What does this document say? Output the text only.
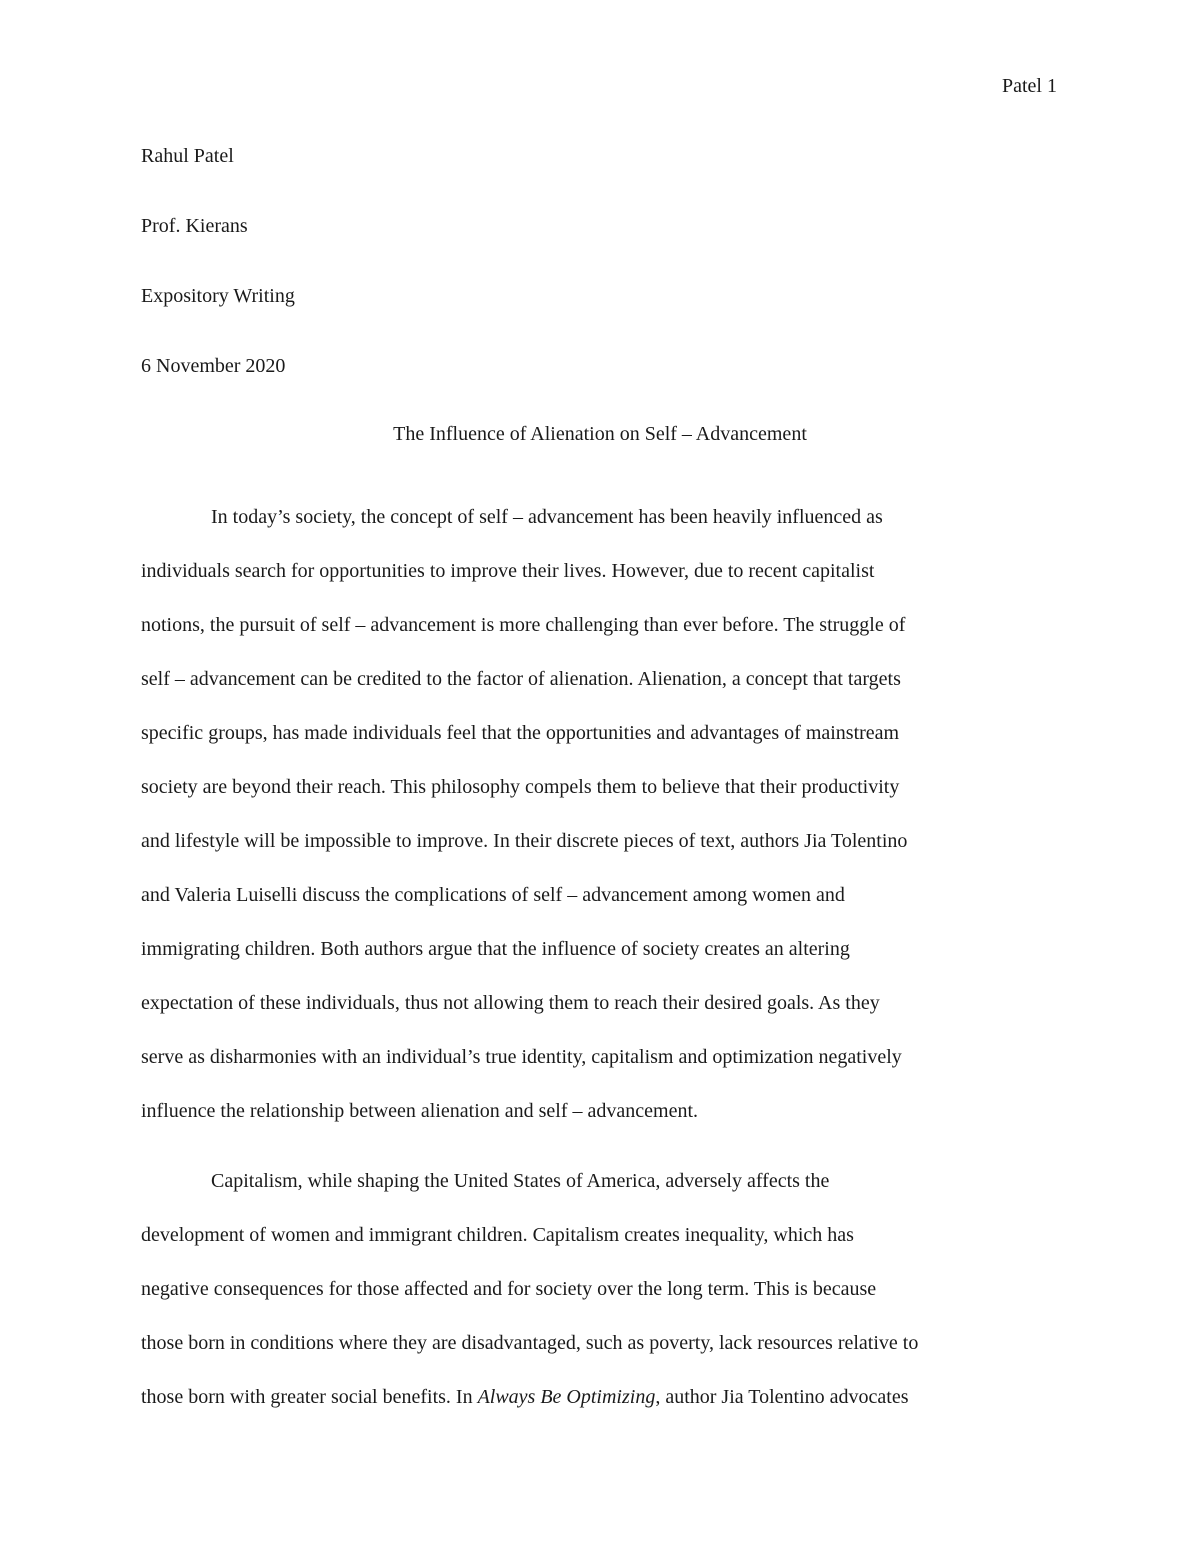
Patel 1
Rahul Patel
Prof. Kierans
Expository Writing
6 November 2020
The Influence of Alienation on Self – Advancement

In today’s society, the concept of self – advancement has been heavily influenced as
individuals search for opportunities to improve their lives. However, due to recent capitalist
notions, the pursuit of self – advancement is more challenging than ever before. The struggle of
self – advancement can be credited to the factor of alienation. Alienation, a concept that targets
specific groups, has made individuals feel that the opportunities and advantages of mainstream
society are beyond their reach. This philosophy compels them to believe that their productivity
and lifestyle will be impossible to improve. In their discrete pieces of text, authors Jia Tolentino
and Valeria Luiselli discuss the complications of self – advancement among women and
immigrating children. Both authors argue that the influence of society creates an altering
expectation of these individuals, thus not allowing them to reach their desired goals. As they
serve as disharmonies with an individual’s true identity, capitalism and optimization negatively
influence the relationship between alienation and self – advancement.

Capitalism, while shaping the United States of America, adversely affects the
development of women and immigrant children. Capitalism creates inequality, which has
negative consequences for those affected and for society over the long term. This is because
those born in conditions where they are disadvantaged, such as poverty, lack resources relative to
those born with greater social benefits. In Always Be Optimizing, author Jia Tolentino advocates
